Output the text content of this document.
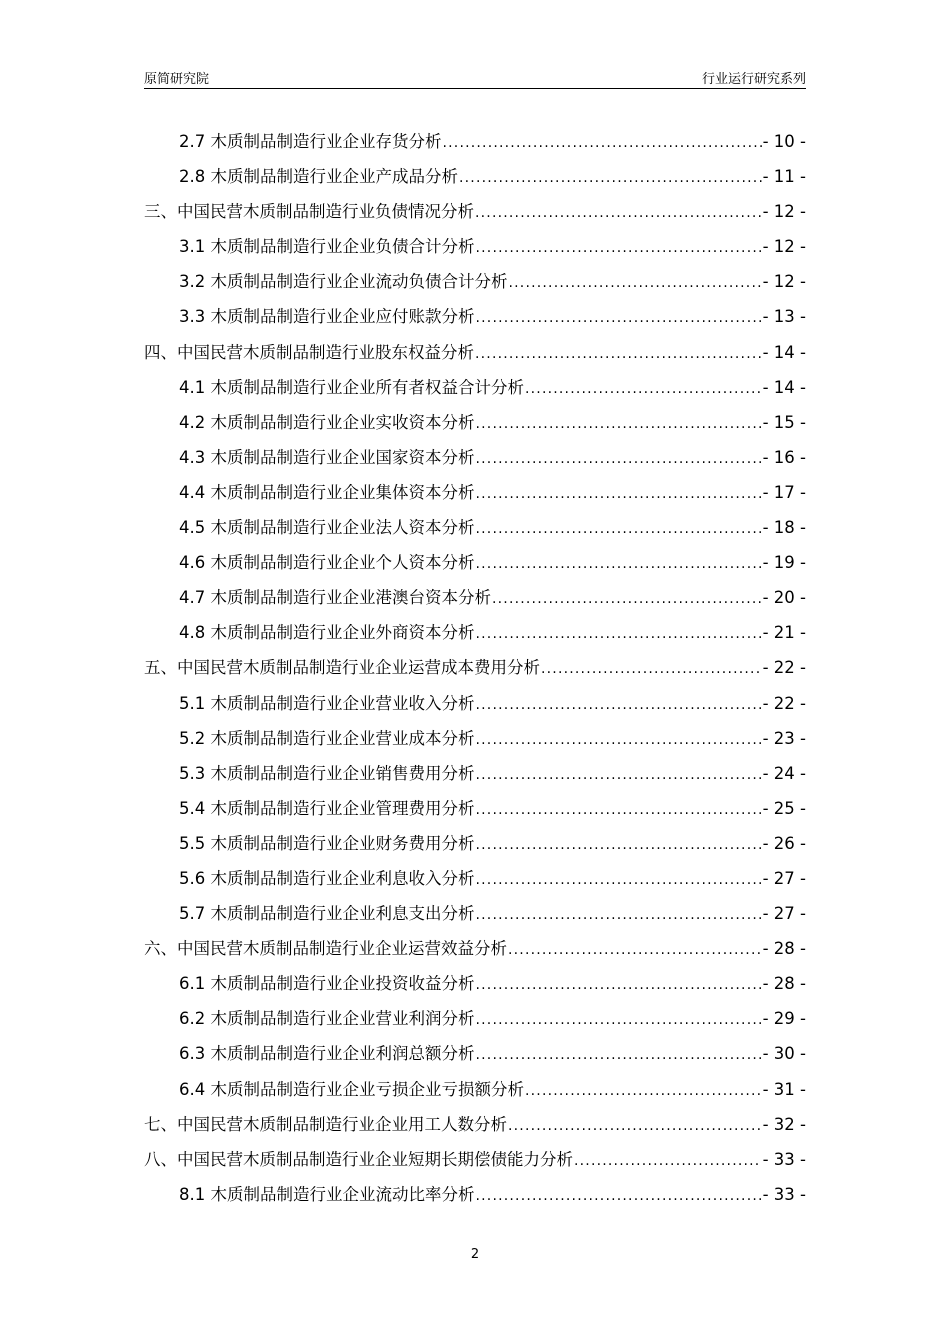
原简研究院	行业运行研究系列
2.7 木质制品制造行业企业存货分析 .....	- 10 -
2.8 木质制品制造行业企业产成品分析 .....	- 11 -
三、中国民营木质制品制造行业负债情况分析 .....	- 12 -
3.1 木质制品制造行业企业负债合计分析 .....	- 12 -
3.2 木质制品制造行业企业流动负债合计分析 .....	- 12 -
3.3 木质制品制造行业企业应付账款分析 .....	- 13 -
四、中国民营木质制品制造行业股东权益分析 .....	- 14 -
4.1 木质制品制造行业企业所有者权益合计分析 .....	- 14 -
4.2 木质制品制造行业企业实收资本分析 .....	- 15 -
4.3 木质制品制造行业企业国家资本分析 .....	- 16 -
4.4 木质制品制造行业企业集体资本分析 .....	- 17 -
4.5 木质制品制造行业企业法人资本分析 .....	- 18 -
4.6 木质制品制造行业企业个人资本分析 .....	- 19 -
4.7 木质制品制造行业企业港澳台资本分析 .....	- 20 -
4.8 木质制品制造行业企业外商资本分析 .....	- 21 -
五、中国民营木质制品制造行业企业运营成本费用分析 .....	- 22 -
5.1 木质制品制造行业企业营业收入分析 .....	- 22 -
5.2 木质制品制造行业企业营业成本分析 .....	- 23 -
5.3 木质制品制造行业企业销售费用分析 .....	- 24 -
5.4 木质制品制造行业企业管理费用分析 .....	- 25 -
5.5 木质制品制造行业企业财务费用分析 .....	- 26 -
5.6 木质制品制造行业企业利息收入分析 .....	- 27 -
5.7 木质制品制造行业企业利息支出分析 .....	- 27 -
六、中国民营木质制品制造行业企业运营效益分析 .....	- 28 -
6.1 木质制品制造行业企业投资收益分析 .....	- 28 -
6.2 木质制品制造行业企业营业利润分析 .....	- 29 -
6.3 木质制品制造行业企业利润总额分析 .....	- 30 -
6.4 木质制品制造行业企业亏损企业亏损额分析 .....	- 31 -
七、中国民营木质制品制造行业企业用工人数分析 .....	- 32 -
八、中国民营木质制品制造行业企业短期长期偿债能力分析 .....	- 33 -
8.1 木质制品制造行业企业流动比率分析 .....	- 33 -
2
